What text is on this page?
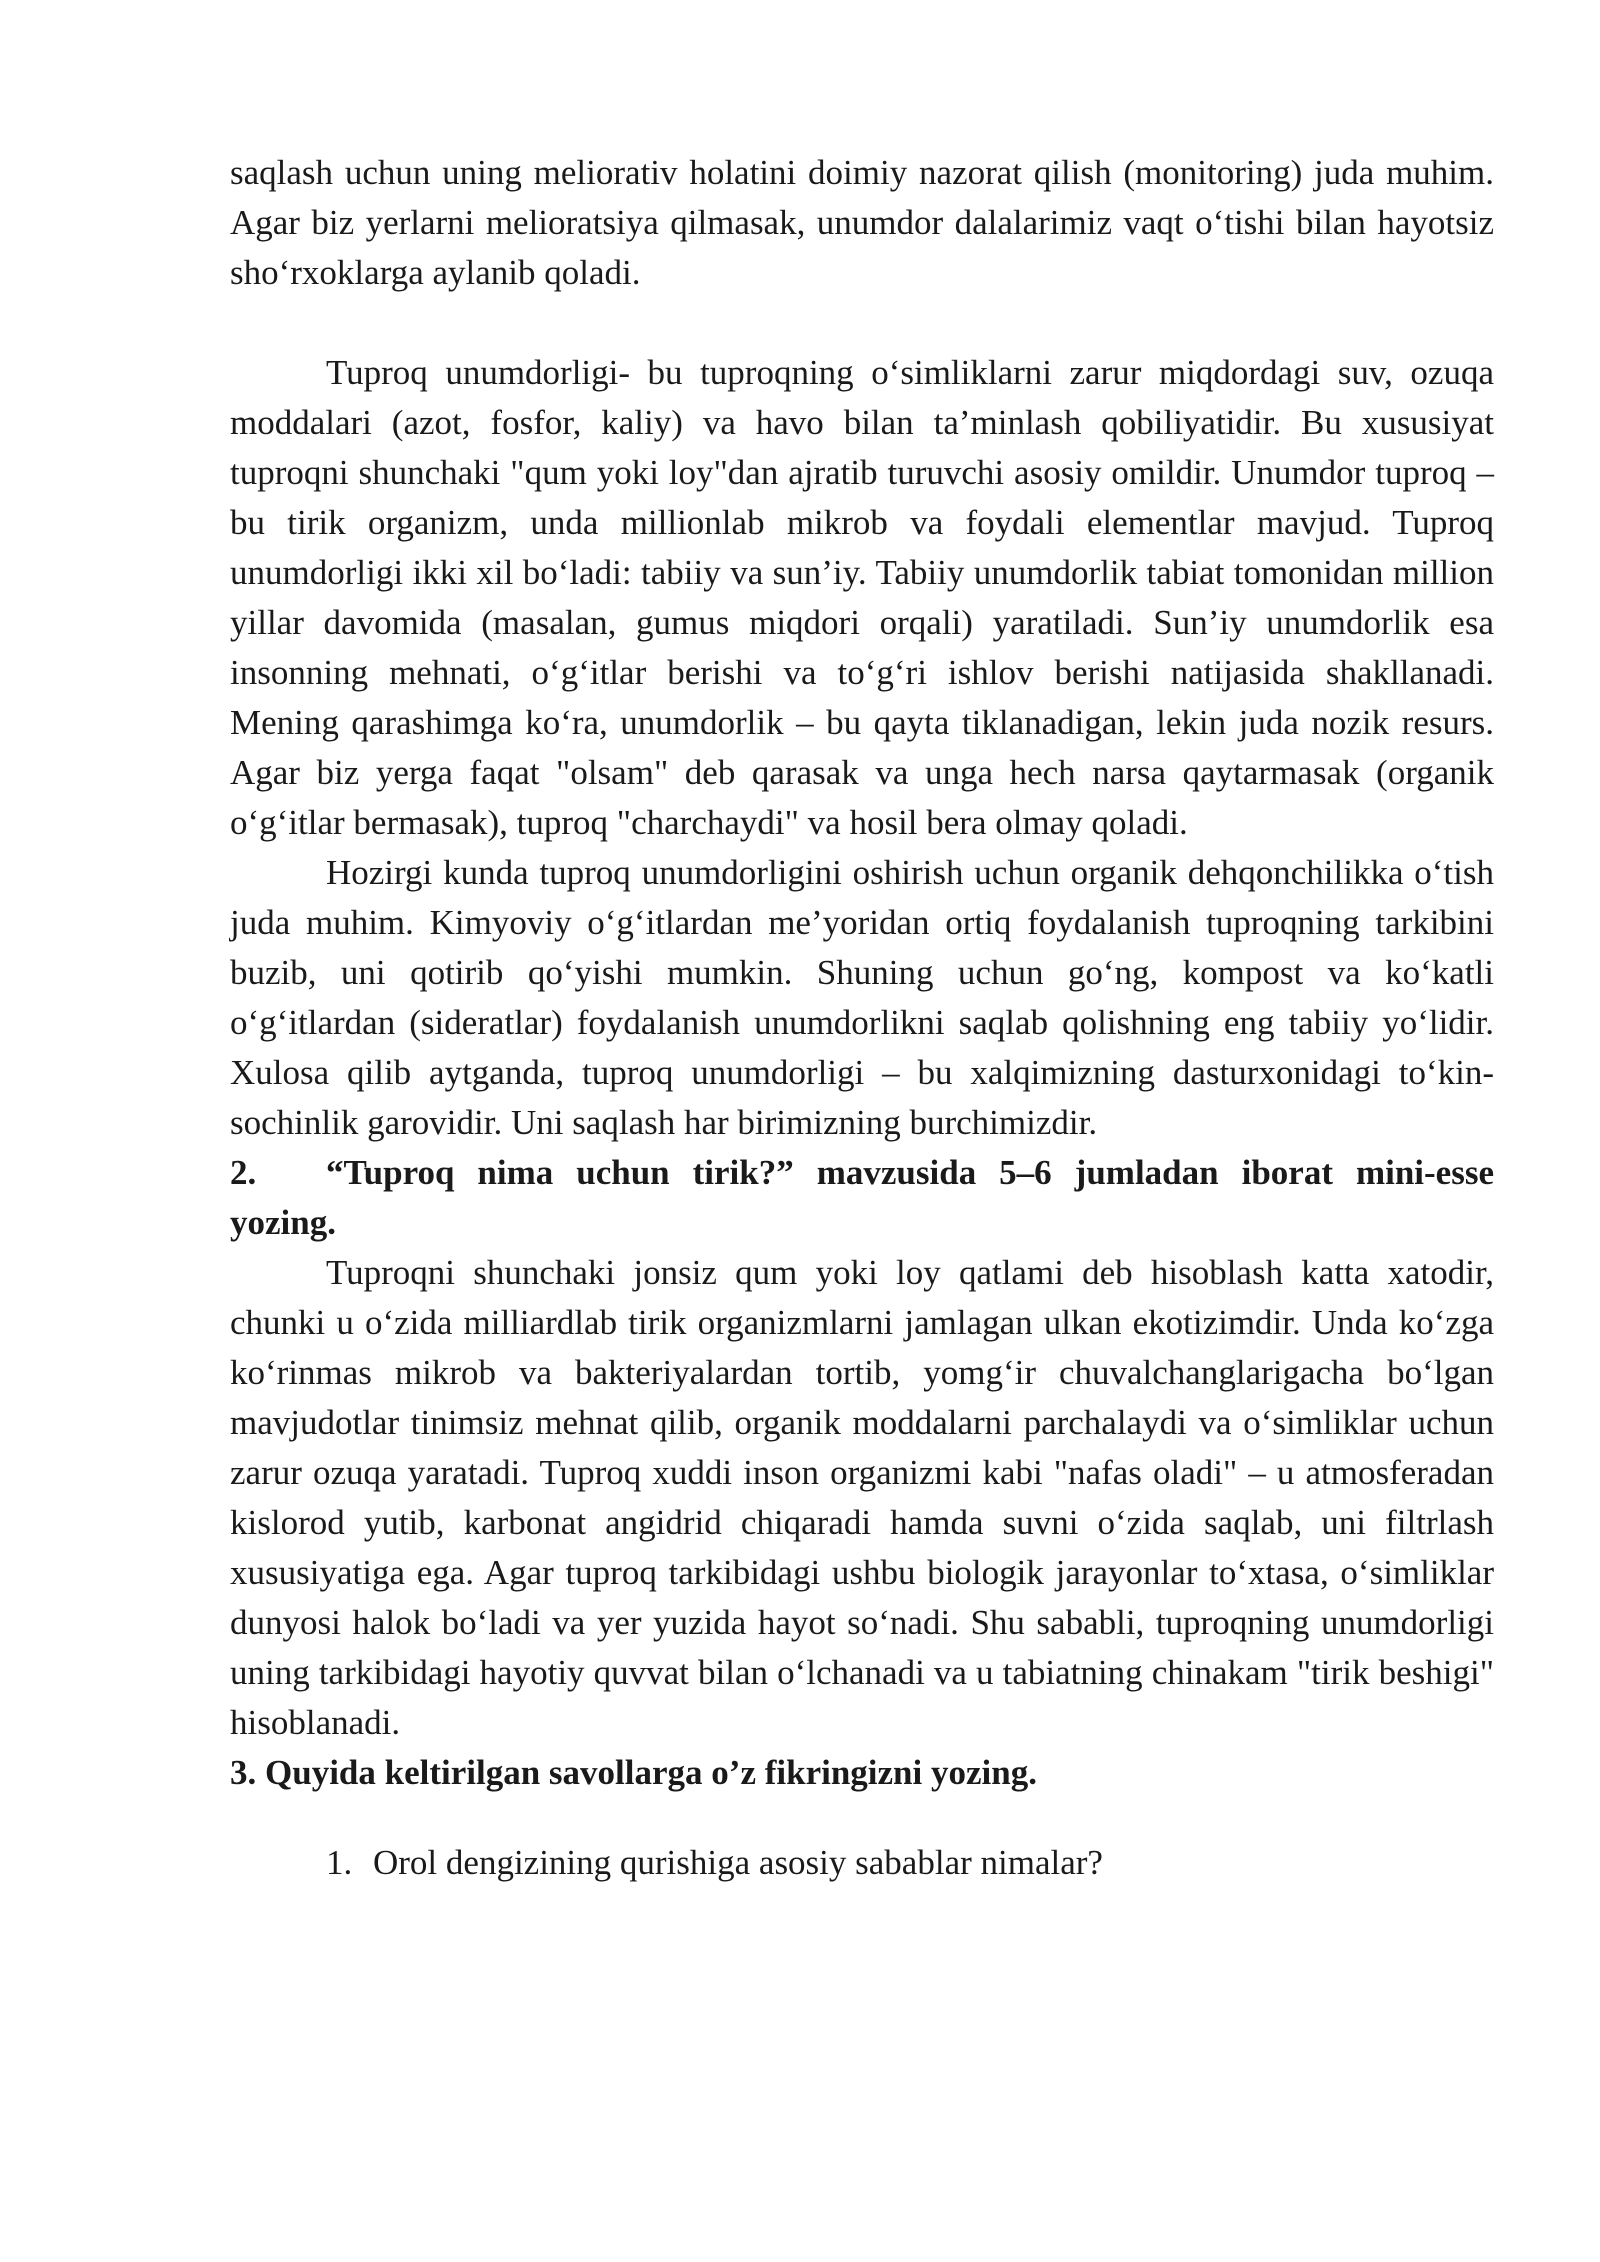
saqlash uchun uning meliorativ holatini doimiy nazorat qilish (monitoring) juda muhim. Agar biz yerlarni melioratsiya qilmasak, unumdor dalalarimiz vaqt o‘tishi bilan hayotsiz sho‘rxoklarga aylanib qoladi.

Tuproq unumdorligi- bu tuproqning o‘simliklarni zarur miqdordagi suv, ozuqa moddalari (azot, fosfor, kaliy) va havo bilan ta’minlash qobiliyatidir. Bu xususiyat tuproqni shunchaki "qum yoki loy"dan ajratib turuvchi asosiy omildir. Unumdor tuproq – bu tirik organizm, unda millionlab mikrob va foydali elementlar mavjud. Tuproq unumdorligi ikki xil bo‘ladi: tabiiy va sun’iy. Tabiiy unumdorlik tabiat tomonidan million yillar davomida (masalan, gumus miqdori orqali) yaratiladi. Sun’iy unumdorlik esa insonning mehnati, o‘g‘itlar berishi va to‘g‘ri ishlov berishi natijasida shakllanadi. Mening qarashimga ko‘ra, unumdorlik – bu qayta tiklanadigan, lekin juda nozik resurs. Agar biz yerga faqat "olsam" deb qarasak va unga hech narsa qaytarmasak (organik o‘g‘itlar bermasak), tuproq "charchaydi" va hosil bera olmay qoladi.

Hozirgi kunda tuproq unumdorligini oshirish uchun organik dehqonchilikka o‘tish juda muhim. Kimyoviy o‘g‘itlardan me’yoridan ortiq foydalanish tuproqning tarkibini buzib, uni qotirib qo‘yishi mumkin. Shuning uchun go‘ng, kompost va ko‘katli o‘g‘itlardan (sideratlar) foydalanish unumdorlikni saqlab qolishning eng tabiiy yo‘lidir. Xulosa qilib aytganda, tuproq unumdorligi – bu xalqimizning dasturxonidagi to‘kin-sochinlik garovidir. Uni saqlash har birimizning burchimizdir.

2. “Tuproq nima uchun tirik?” mavzusida 5–6 jumladan iborat mini-esse yozing.

Tuproqni shunchaki jonsiz qum yoki loy qatlami deb hisoblash katta xatodir, chunki u o‘zida milliardlab tirik organizmlarni jamlagan ulkan ekotizimdir. Unda ko‘zga ko‘rinmas mikrob va bakteriyalardan tortib, yomg‘ir chuvalchanglarigacha bo‘lgan mavjudotlar tinimsiz mehnat qilib, organik moddalarni parchalaydi va o‘simliklar uchun zarur ozuqa yaratadi. Tuproq xuddi inson organizmi kabi "nafas oladi" – u atmosferadan kislorod yutib, karbonat angidrid chiqaradi hamda suvni o‘zida saqlab, uni filtrlash xususiyatiga ega. Agar tuproq tarkibidagi ushbu biologik jarayonlar to‘xtasa, o‘simliklar dunyosi halok bo‘ladi va yer yuzida hayot so‘nadi. Shu sababli, tuproqning unumdorligi uning tarkibidagi hayotiy quvvat bilan o‘lchanadi va u tabiatning chinakam "tirik beshigi" hisoblanadi.

3. Quyida keltirilgan savollarga o’z fikringizni yozing.
1. Orol dengizining qurishiga asosiy sabablar nimalar?
